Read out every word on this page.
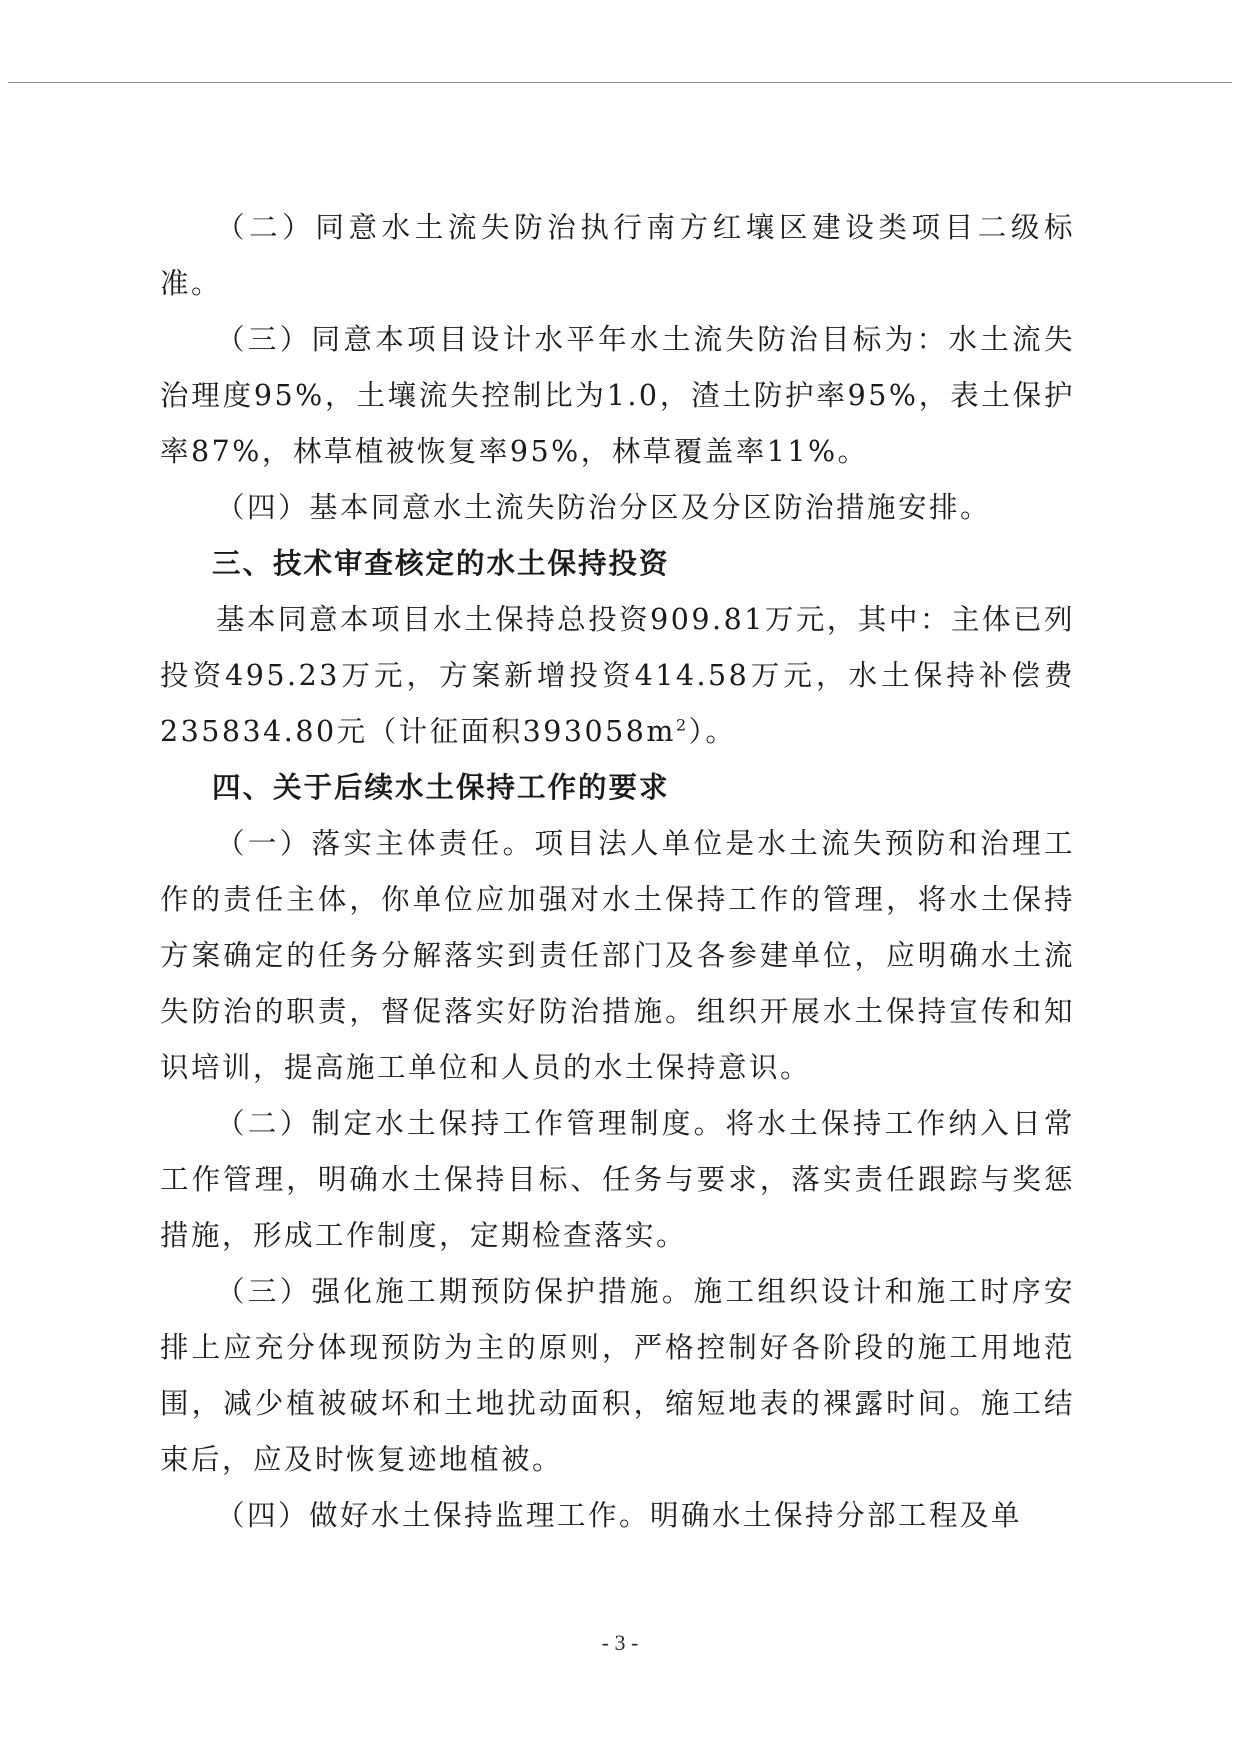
（二）同意水土流失防治执行南方红壤区建设类项目二级标准。

（三）同意本项目设计水平年水土流失防治目标为：水土流失治理度95%，土壤流失控制比为1.0，渣土防护率95%，表土保护率87%，林草植被恢复率95%，林草覆盖率11%。

（四）基本同意水土流失防治分区及分区防治措施安排。

三、技术审查核定的水土保持投资

基本同意本项目水土保持总投资909.81万元，其中：主体已列投资495.23万元，方案新增投资414.58万元，水土保持补偿费235834.80元（计征面积$393058m^2$）。

四、关于后续水土保持工作的要求

（一）落实主体责任。项目法人单位是水土流失预防和治理工作的责任主体，你单位应加强对水土保持工作的管理，将水土保持方案确定的任务分解落实到责任部门及各参建单位，应明确水土流失防治的职责，督促落实好防治措施。组织开展水土保持宣传和知识培训，提高施工单位和人员的水土保持意识。

（二）制定水土保持工作管理制度。将水土保持工作纳入日常工作管理，明确水土保持目标、任务与要求，落实责任跟踪与奖惩措施，形成工作制度，定期检查落实。

（三）强化施工期预防保护措施。施工组织设计和施工时序安排上应充分体现预防为主的原则，严格控制好各阶段的施工用地范围，减少植被破坏和土地扰动面积，缩短地表的裸露时间。施工结束后，应及时恢复迹地植被。

（四）做好水土保持监理工作。明确水土保持分部工程及单

- 3 -
